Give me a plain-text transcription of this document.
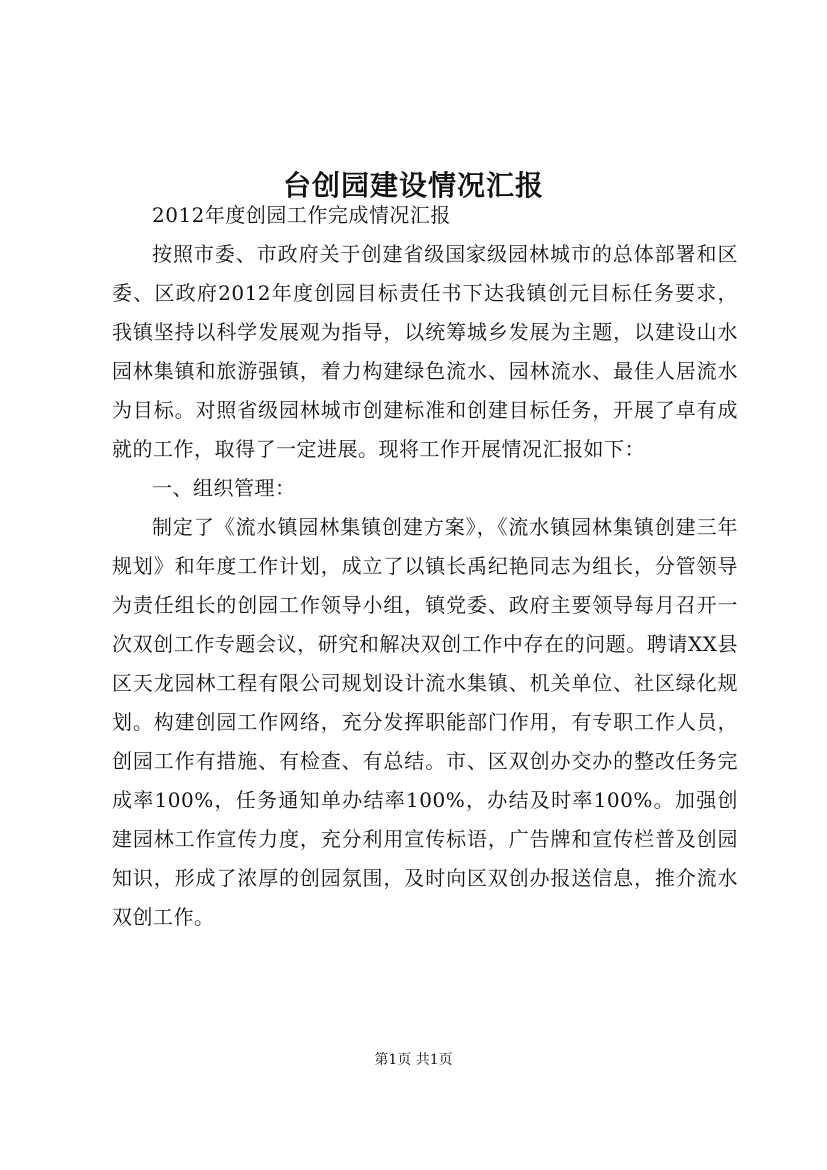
台创园建设情况汇报

2012年度创园工作完成情况汇报

按照市委、市政府关于创建省级国家级园林城市的总体部署和区委、区政府2012年度创园目标责任书下达我镇创元目标任务要求，我镇坚持以科学发展观为指导，以统筹城乡发展为主题，以建设山水园林集镇和旅游强镇，着力构建绿色流水、园林流水、最佳人居流水为目标。对照省级园林城市创建标准和创建目标任务，开展了卓有成就的工作，取得了一定进展。现将工作开展情况汇报如下：

一、组织管理：

制定了《流水镇园林集镇创建方案》，《流水镇园林集镇创建三年规划》和年度工作计划，成立了以镇长禹纪艳同志为组长，分管领导为责任组长的创园工作领导小组，镇党委、政府主要领导每月召开一次双创工作专题会议，研究和解决双创工作中存在的问题。聘请XX县区天龙园林工程有限公司规划设计流水集镇、机关单位、社区绿化规划。构建创园工作网络，充分发挥职能部门作用，有专职工作人员，创园工作有措施、有检查、有总结。市、区双创办交办的整改任务完成率100%，任务通知单办结率100%，办结及时率100%。加强创建园林工作宣传力度，充分利用宣传标语，广告牌和宣传栏普及创园知识，形成了浓厚的创园氛围，及时向区双创办报送信息，推介流水双创工作。

第1页 共1页
